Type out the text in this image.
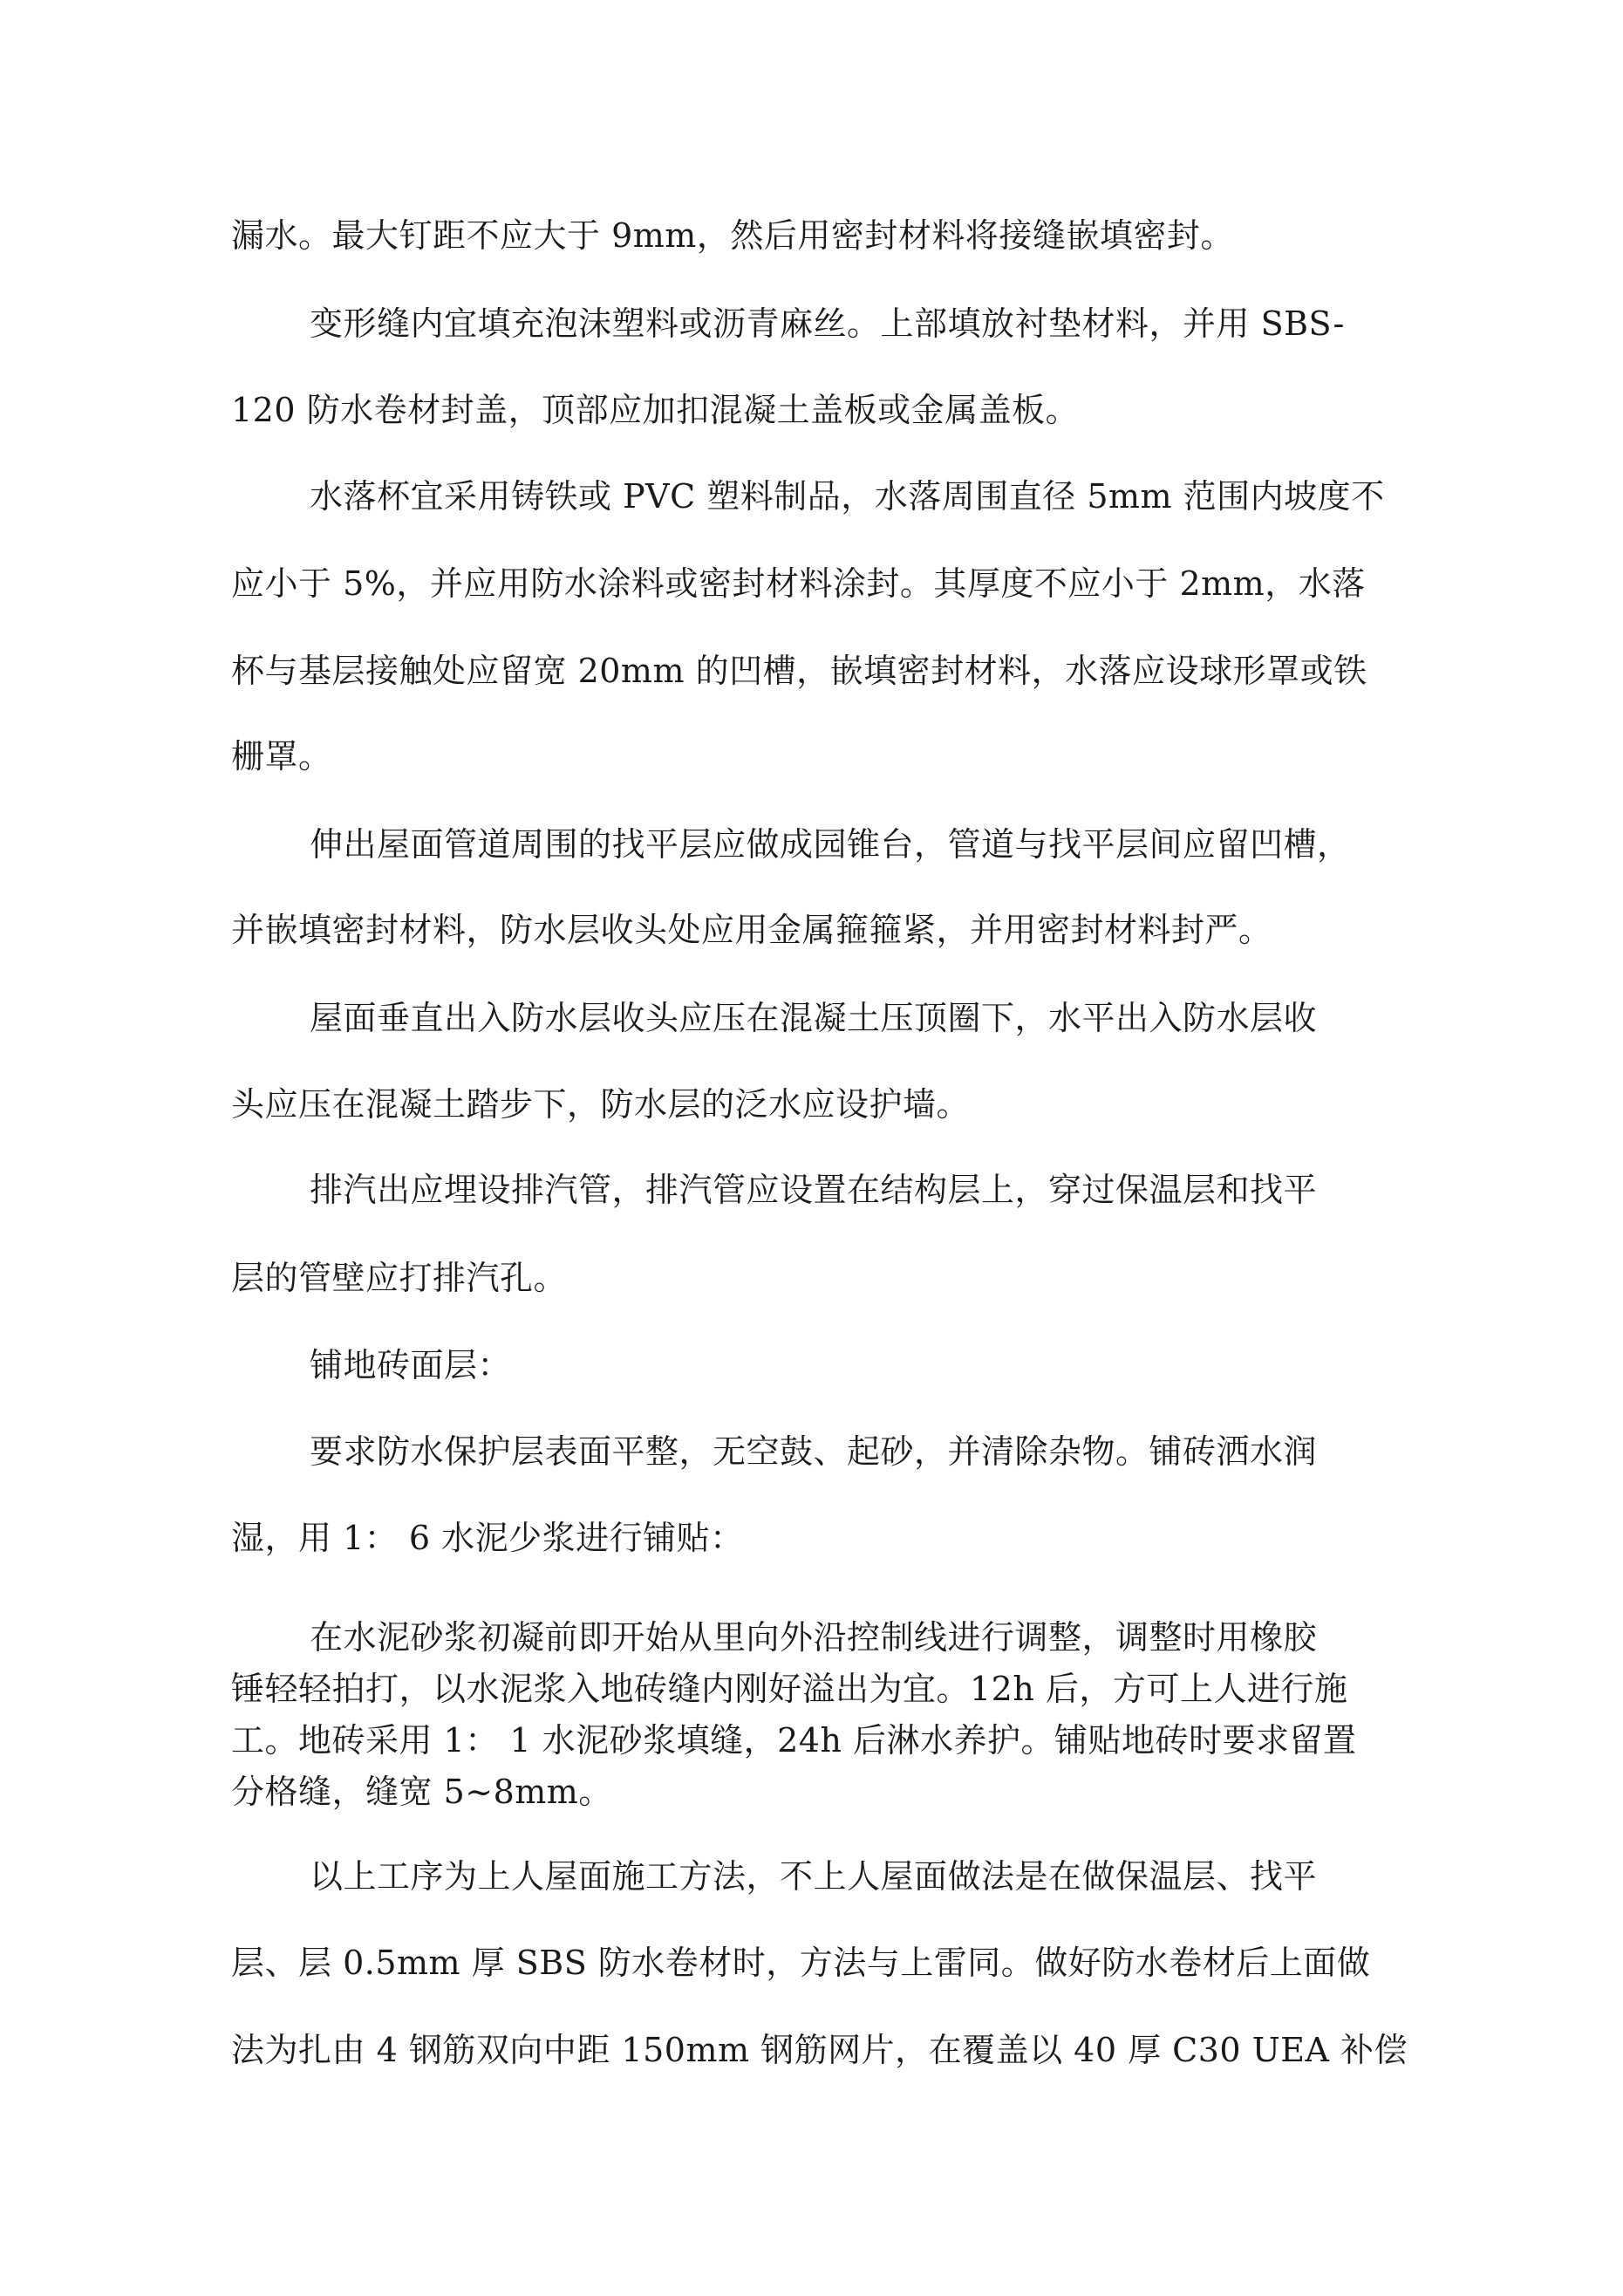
漏水。最大钉距不应大于 9mm，然后用密封材料将接缝嵌填密封。
变形缝内宜填充泡沫塑料或沥青麻丝。上部填放衬垫材料，并用 SBS-
120 防水卷材封盖，顶部应加扣混凝土盖板或金属盖板。
水落杯宜采用铸铁或 PVC 塑料制品，水落周围直径 5mm 范围内坡度不
应小于 5%，并应用防水涂料或密封材料涂封。其厚度不应小于 2mm，水落
杯与基层接触处应留宽 20mm 的凹槽，嵌填密封材料，水落应设球形罩或铁
栅罩。
伸出屋面管道周围的找平层应做成园锥台，管道与找平层间应留凹槽，
并嵌填密封材料，防水层收头处应用金属箍箍紧，并用密封材料封严。
屋面垂直出入防水层收头应压在混凝土压顶圈下，水平出入防水层收
头应压在混凝土踏步下，防水层的泛水应设护墙。
排汽出应埋设排汽管，排汽管应设置在结构层上，穿过保温层和找平
层的管壁应打排汽孔。
铺地砖面层：
要求防水保护层表面平整，无空鼓、起砂，并清除杂物。铺砖洒水润
湿，用 1： 6 水泥少浆进行铺贴：
在水泥砂浆初凝前即开始从里向外沿控制线进行调整，调整时用橡胶
锤轻轻拍打，以水泥浆入地砖缝内刚好溢出为宜。12h 后，方可上人进行施
工。地砖采用 1： 1 水泥砂浆填缝，24h 后淋水养护。铺贴地砖时要求留置
分格缝，缝宽 5~8mm。
以上工序为上人屋面施工方法，不上人屋面做法是在做保温层、找平
层、层 0.5mm 厚 SBS 防水卷材时，方法与上雷同。做好防水卷材后上面做
法为扎由 4 钢筋双向中距 150mm 钢筋网片，在覆盖以 40 厚 C30 UEA 补偿
